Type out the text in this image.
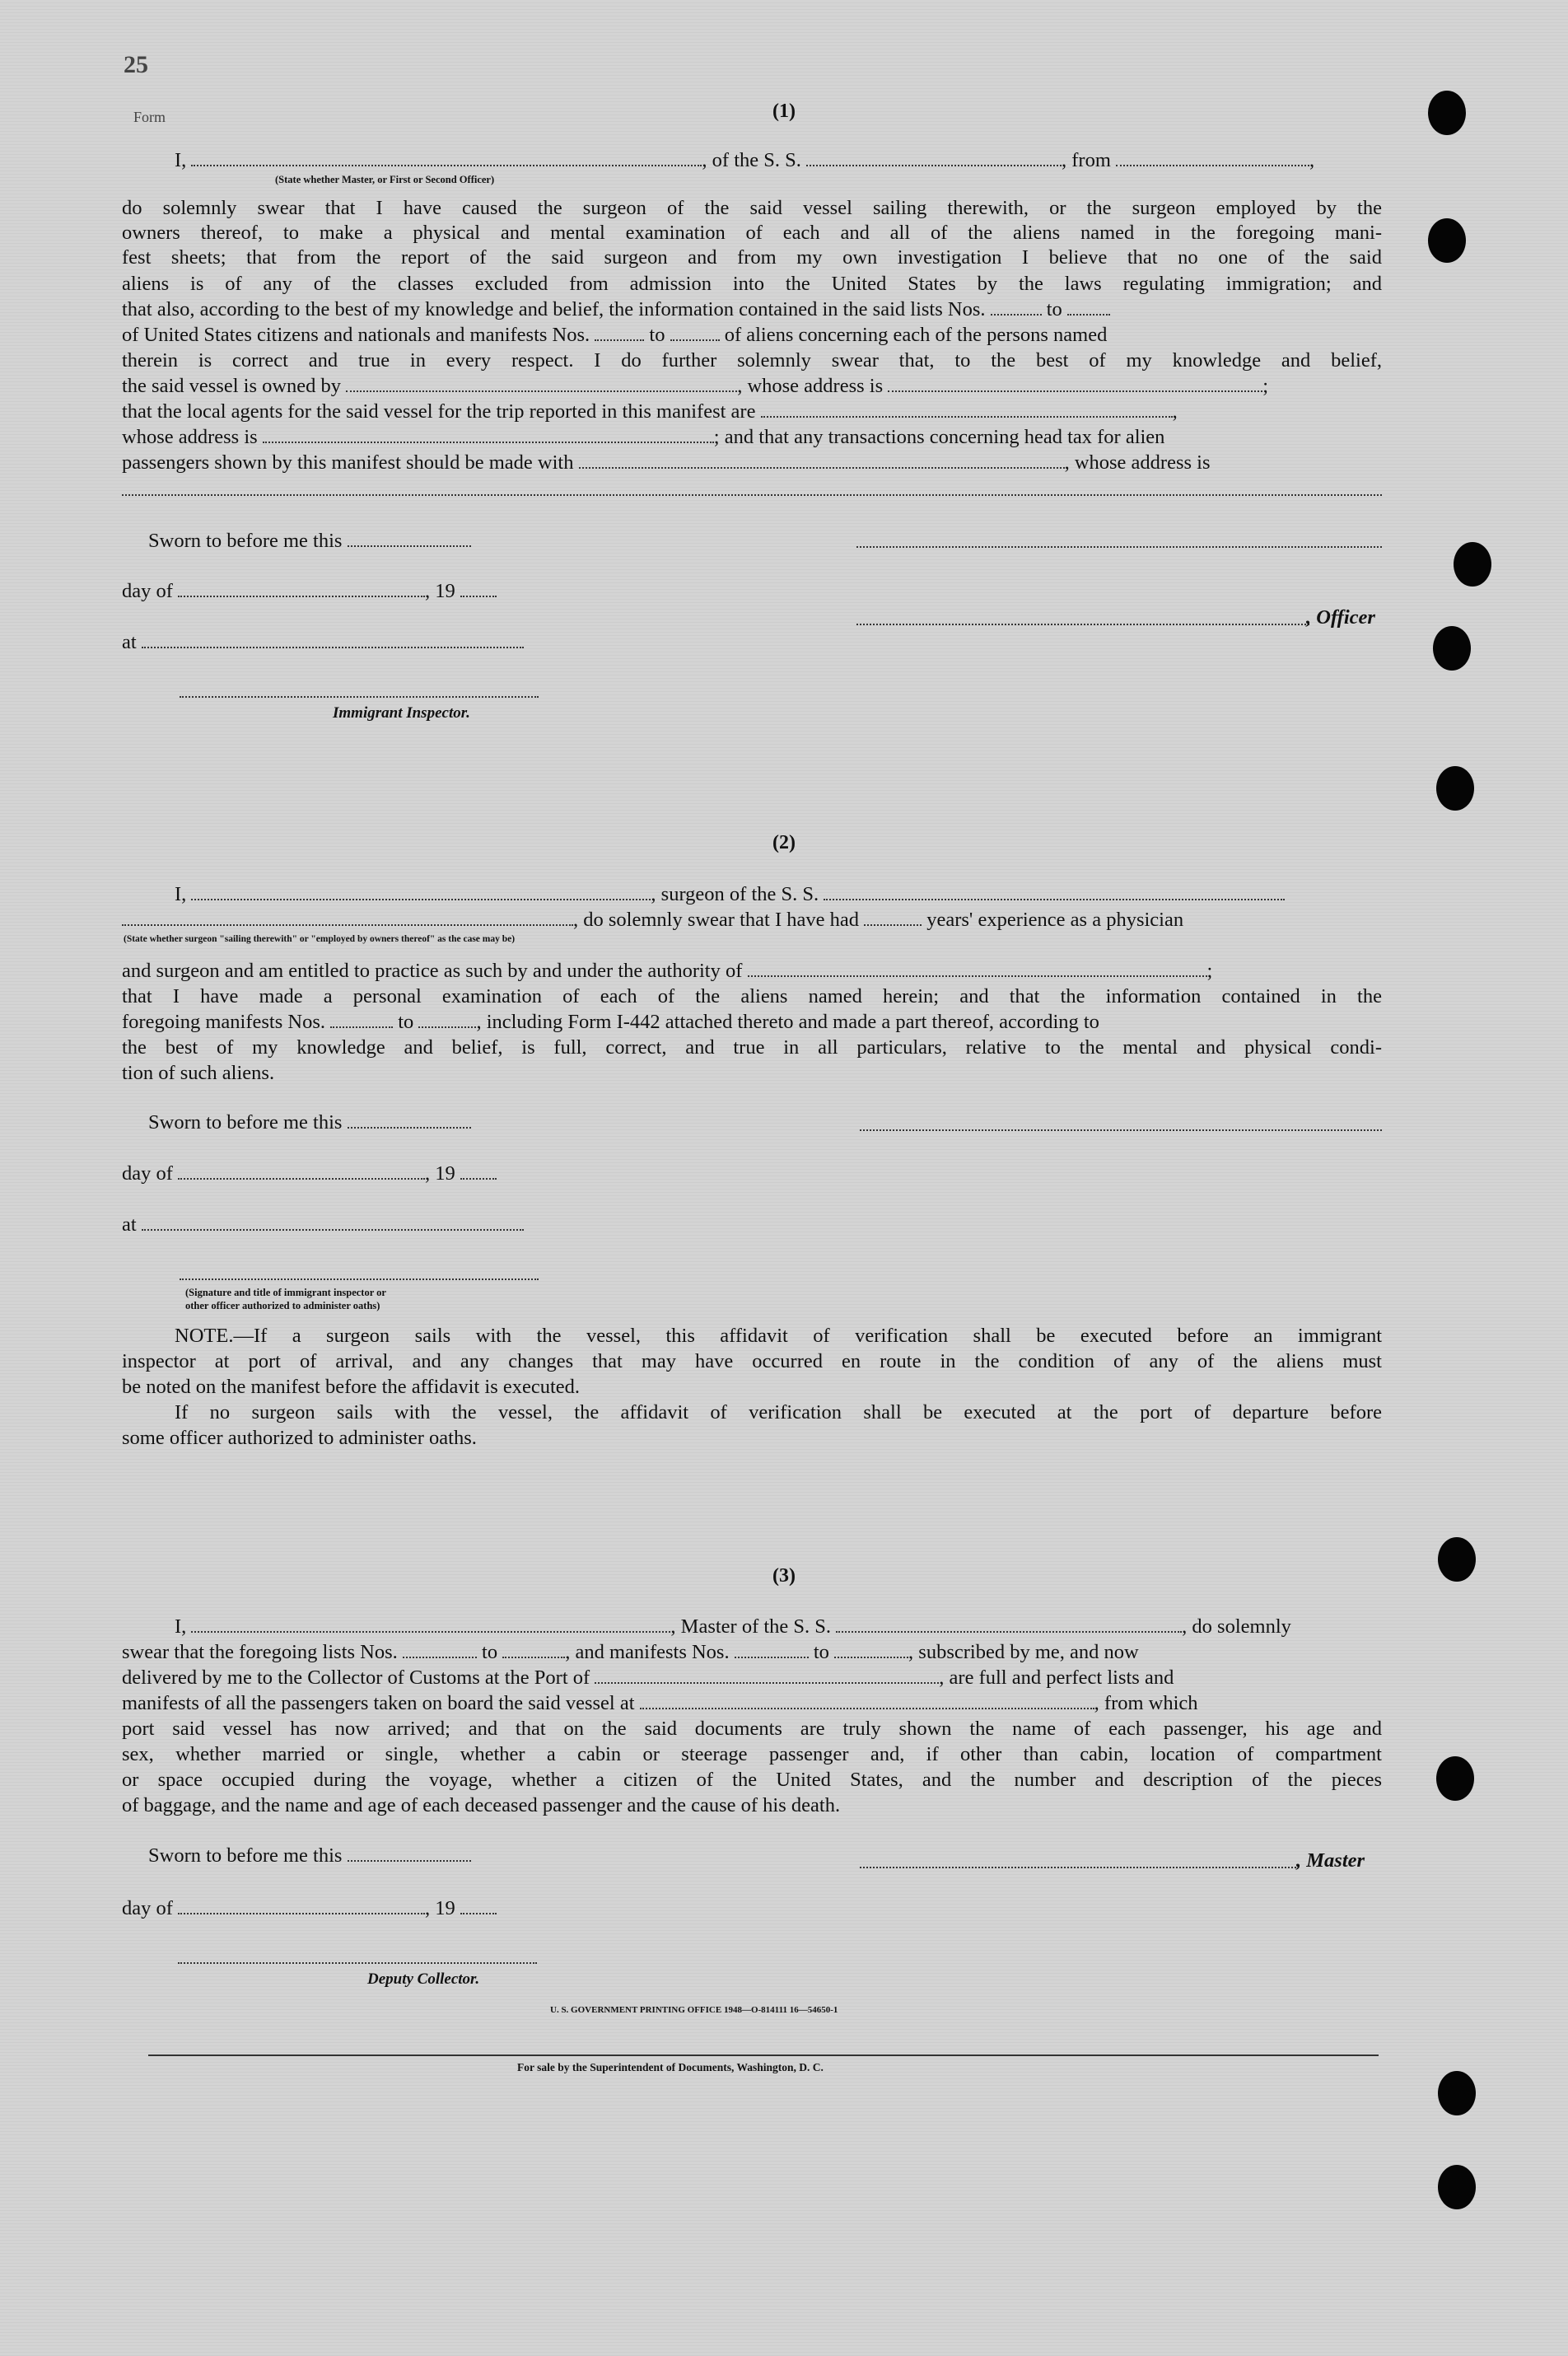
25
Form	(1)
I,	, of the S. S.	, from	,
(State whether Master, or First or Second Officer)
do solemnly swear that I have caused the surgeon of the said vessel sailing therewith, or the surgeon employed by the
owners thereof, to make a physical and mental examination of each and all of the aliens named in the foregoing mani-
fest sheets; that from the report of the said surgeon and from my own investigation I believe that no one of the said
aliens is of any of the classes excluded from admission into the United States by the laws regulating immigration; and
that also, according to the best of my knowledge and belief, the information contained in the said lists Nos.	to
of United States citizens and nationals and manifests Nos.	to	of aliens concerning each of the persons named
therein is correct and true in every respect. I do further solemnly swear that, to the best of my knowledge and belief,
the said vessel is owned by	, whose address is	;
that the local agents for the said vessel for the trip reported in this manifest are	,
whose address is	; and that any transactions concerning head tax for alien
passengers shown by this manifest should be made with	, whose address is
Sworn to before me this
day of	, 19
, Officer
at
Immigrant Inspector.
(2)
I,	, surgeon of the S. S.
, do solemnly swear that I have had	years' experience as a physician
(State whether surgeon "sailing therewith" or "employed by owners thereof" as the case may be)
and surgeon and am entitled to practice as such by and under the authority of	;
that I have made a personal examination of each of the aliens named herein; and that the information contained in the
foregoing manifests Nos.	to	, including Form I-442 attached thereto and made a part thereof, according to
the best of my knowledge and belief, is full, correct, and true in all particulars, relative to the mental and physical condi-
tion of such aliens.
Sworn to before me this
day of	, 19
at
(Signature and title of immigrant inspector or
other officer authorized to administer oaths)
NOTE.—If a surgeon sails with the vessel, this affidavit of verification shall be executed before an immigrant
inspector at port of arrival, and any changes that may have occurred en route in the condition of any of the aliens must
be noted on the manifest before the affidavit is executed.
If no surgeon sails with the vessel, the affidavit of verification shall be executed at the port of departure before
some officer authorized to administer oaths.
(3)
I,	, Master of the S. S.	, do solemnly
swear that the foregoing lists Nos.	to	, and manifests Nos.	to	, subscribed by me, and now
delivered by me to the Collector of Customs at the Port of	, are full and perfect lists and
manifests of all the passengers taken on board the said vessel at	, from which
port said vessel has now arrived; and that on the said documents are truly shown the name of each passenger, his age and
sex, whether married or single, whether a cabin or steerage passenger and, if other than cabin, location of compartment
or space occupied during the voyage, whether a citizen of the United States, and the number and description of the pieces
of baggage, and the name and age of each deceased passenger and the cause of his death.
Sworn to before me this	, Master
day of	, 19
Deputy Collector.
U. S. GOVERNMENT PRINTING OFFICE 1948—O-814111 16—54650-1
For sale by the Superintendent of Documents, Washington, D. C.
